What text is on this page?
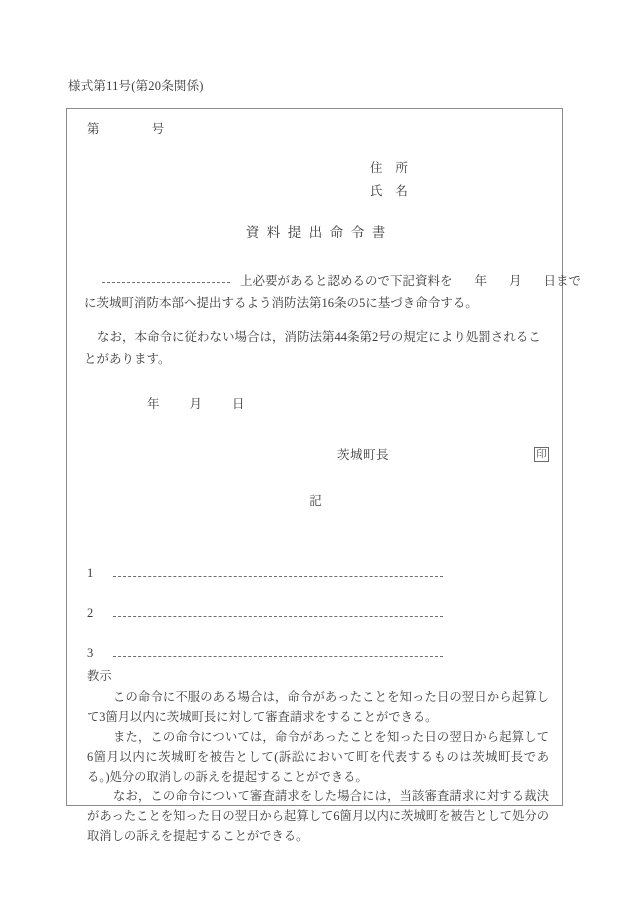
様式第11号(第20条関係)
第	号
住　所
氏　名
資料提出命令書
上必要があると認めるので下記資料を 年 月 日まで
に茨城町消防本部へ提出するよう消防法第16条の5に基づき命令する。
なお，本命令に従わない場合は，消防法第44条第2号の規定により処罰されることがあります。
年 月 日
茨城町長	印
記
1
2
3
教示

この命令に不服のある場合は，命令があったことを知った日の翌日から起算して3箇月以内に茨城町長に対して審査請求をすることができる。

また，この命令については，命令があったことを知った日の翌日から起算して6箇月以内に茨城町を被告として(訴訟において町を代表するものは茨城町長である。)処分の取消しの訴えを提起することができる。

なお，この命令について審査請求をした場合には，当該審査請求に対する裁決があったことを知った日の翌日から起算して6箇月以内に茨城町を被告として処分の取消しの訴えを提起することができる。
